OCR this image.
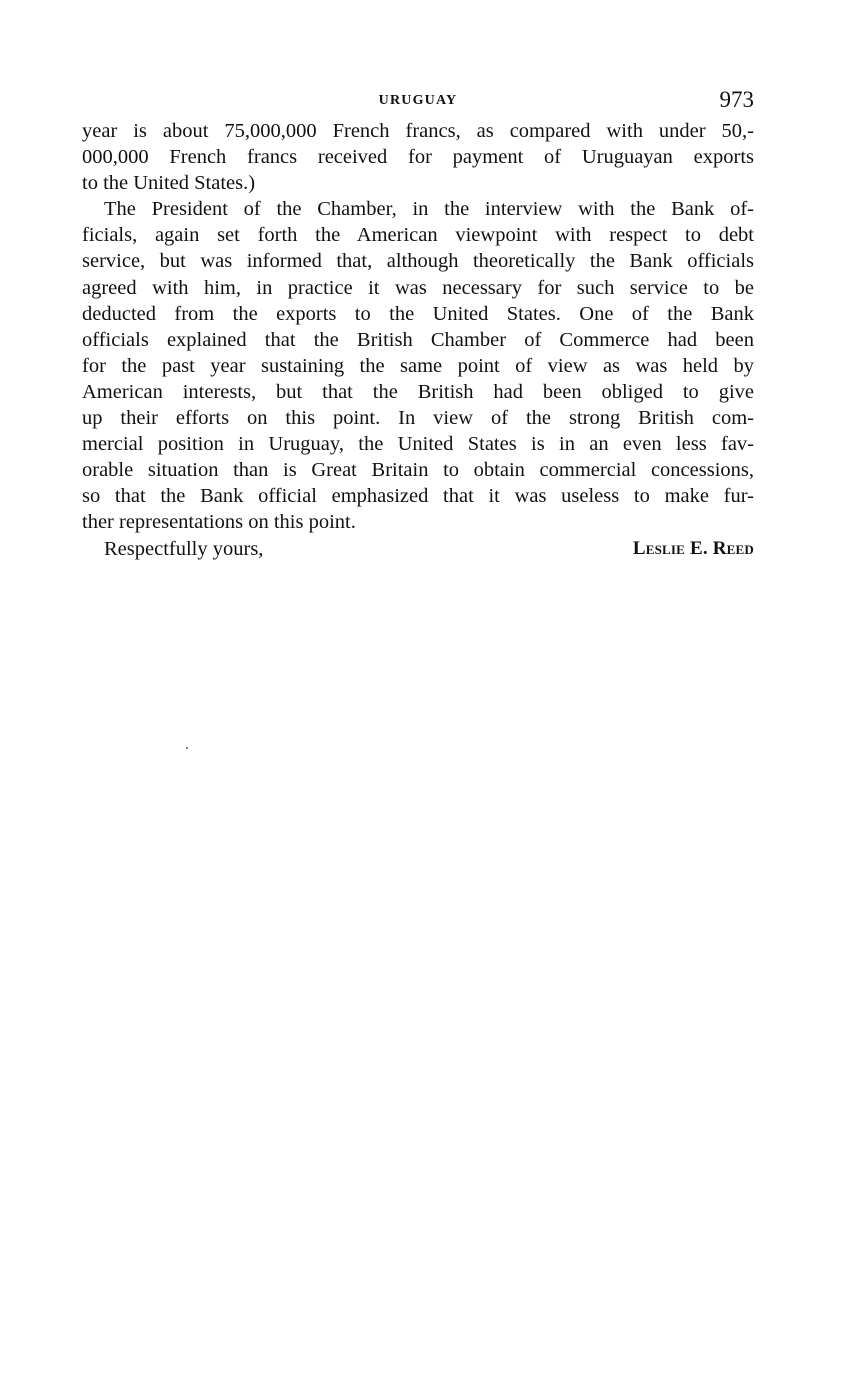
URUGUAY	973
year is about 75,000,000 French francs, as compared with under 50,-
000,000 French francs received for payment of Uruguayan exports
to the United States.)
The President of the Chamber, in the interview with the Bank of-
ficials, again set forth the American viewpoint with respect to debt
service, but was informed that, although theoretically the Bank officials
agreed with him, in practice it was necessary for such service to be
deducted from the exports to the United States. One of the Bank
officials explained that the British Chamber of Commerce had been
for the past year sustaining the same point of view as was held by
American interests, but that the British had been obliged to give
up their efforts on this point. In view of the strong British com-
mercial position in Uruguay, the United States is in an even less fav-
orable situation than is Great Britain to obtain commercial concessions,
so that the Bank official emphasized that it was useless to make fur-
ther representations on this point.
Respectfully yours,	Leslie E. Reed
